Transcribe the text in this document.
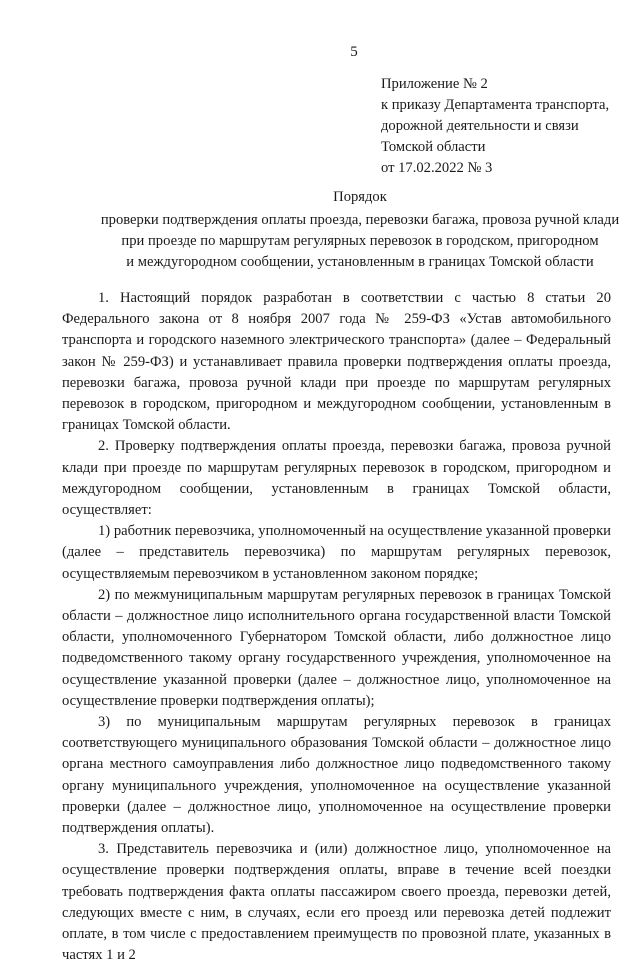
5
Приложение № 2
к приказу Департамента транспорта,
дорожной деятельности и связи
Томской области
от 17.02.2022 № 3
Порядок
проверки подтверждения оплаты проезда, перевозки багажа, провоза ручной клади
при проезде по маршрутам регулярных перевозок в городском, пригородном
и междугородном сообщении, установленным в границах Томской области

1. Настоящий порядок разработан в соответствии с частью 8 статьи 20 Федерального закона от 8 ноября 2007 года № 259-ФЗ «Устав автомобильного транспорта и городского наземного электрического транспорта» (далее – Федеральный закон № 259-ФЗ) и устанавливает правила проверки подтверждения оплаты проезда, перевозки багажа, провоза ручной клади при проезде по маршрутам регулярных перевозок в городском, пригородном и междугородном сообщении, установленным в границах Томской области.

2. Проверку подтверждения оплаты проезда, перевозки багажа, провоза ручной клади при проезде по маршрутам регулярных перевозок в городском, пригородном и междугородном сообщении, установленным в границах Томской области, осуществляет:

1) работник перевозчика, уполномоченный на осуществление указанной проверки (далее – представитель перевозчика) по маршрутам регулярных перевозок, осуществляемым перевозчиком в установленном законом порядке;

2) по межмуниципальным маршрутам регулярных перевозок в границах Томской области – должностное лицо исполнительного органа государственной власти Томской области, уполномоченного Губернатором Томской области, либо должностное лицо подведомственного такому органу государственного учреждения, уполномоченное на осуществление указанной проверки (далее – должностное лицо, уполномоченное на осуществление проверки подтверждения оплаты);

3) по муниципальным маршрутам регулярных перевозок в границах соответствующего муниципального образования Томской области – должностное лицо органа местного самоуправления либо должностное лицо подведомственного такому органу муниципального учреждения, уполномоченное на осуществление указанной проверки (далее – должностное лицо, уполномоченное на осуществление проверки подтверждения оплаты).

3. Представитель перевозчика и (или) должностное лицо, уполномоченное на осуществление проверки подтверждения оплаты, вправе в течение всей поездки требовать подтверждения факта оплаты пассажиром своего проезда, перевозки детей, следующих вместе с ним, в случаях, если его проезд или перевозка детей подлежит оплате, в том числе с предоставлением преимуществ по провозной плате, указанных в частях 1 и 2
